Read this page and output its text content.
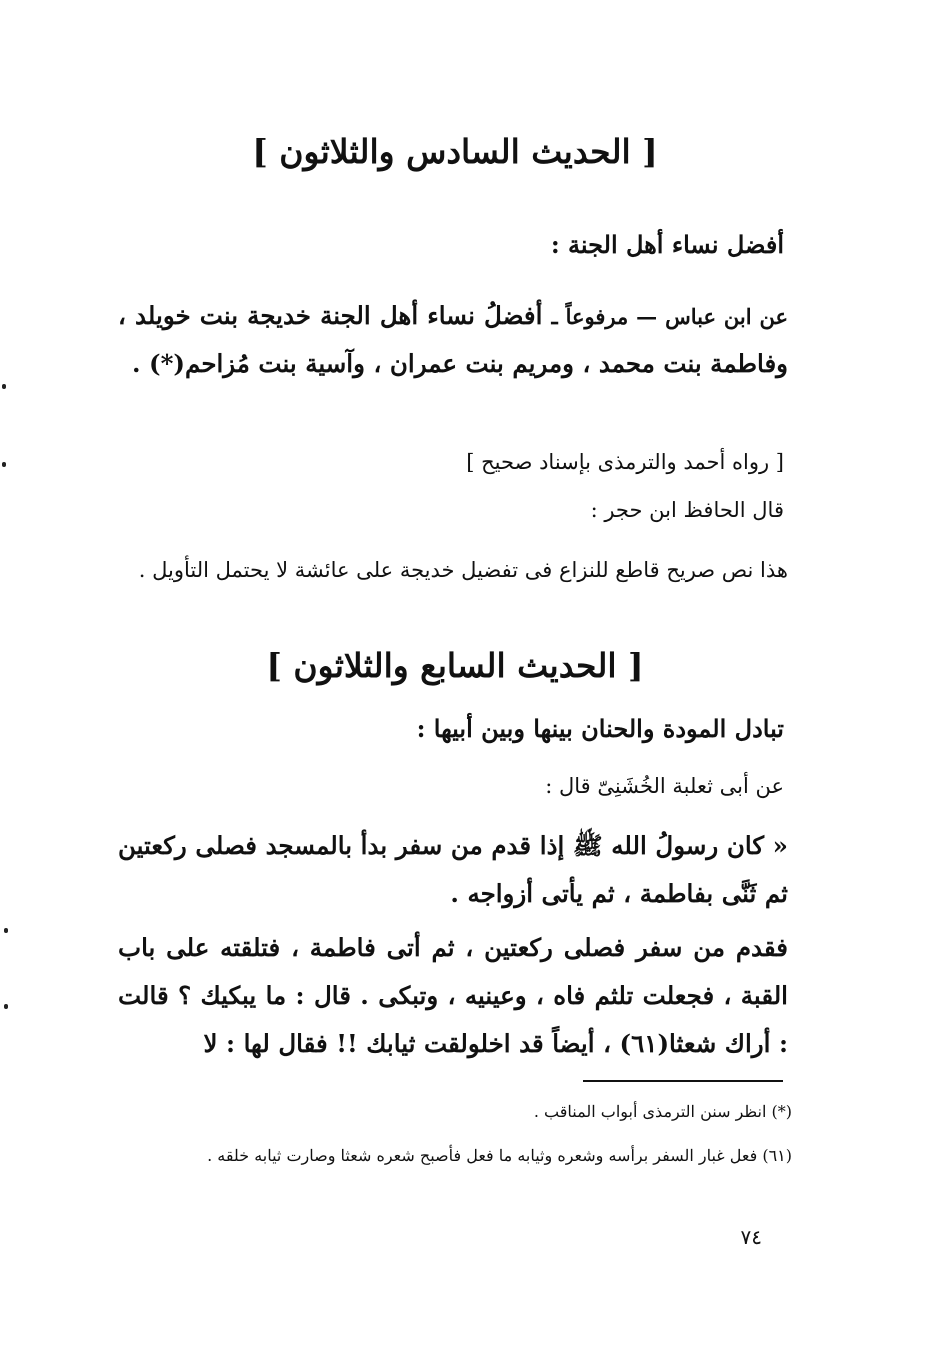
[ الحديث السادس والثلاثون ]
أفضل نساء أهل الجنة :
عن ابن عباس — مرفوعاً ـ أفضلُ نساء أهل الجنة خديجة بنت خويلد ، وفاطمة بنت محمد ، ومريم بنت عمران ، وآسية بنت مُزاحم(*) .
[ رواه أحمد والترمذى بإسناد صحيح ]
قال الحافظ ابن حجر :
هذا نص صريح قاطع للنزاع فى تفضيل خديجة على عائشة لا يحتمل التأويل .
[ الحديث السابع والثلاثون ]
تبادل المودة والحنان بينها وبين أبيها :
عن أبى ثعلبة الخُشَنِىّ قال :
« كان رسولُ الله ﷺ إذا قدم من سفر بدأ بالمسجد فصلى ركعتين ثم ثَنَّى بفاطمة ، ثم يأتى أزواجه .
فقدم من سفر فصلى ركعتين ، ثم أتى فاطمة ، فتلقته على باب القبة ، فجعلت تلثم فاه ، وعينيه ، وتبكى . قال : ما يبكيك ؟ قالت : أراك شعثا(٦١) ، أيضاً قد اخلولقت ثيابك !! فقال لها : لا
(*) انظر سنن الترمذى أبواب المناقب .
(٦١) فعل غبار السفر برأسه وشعره وثيابه ما فعل فأصبح شعره شعثا وصارت ثيابه خلقه .
٧٤
